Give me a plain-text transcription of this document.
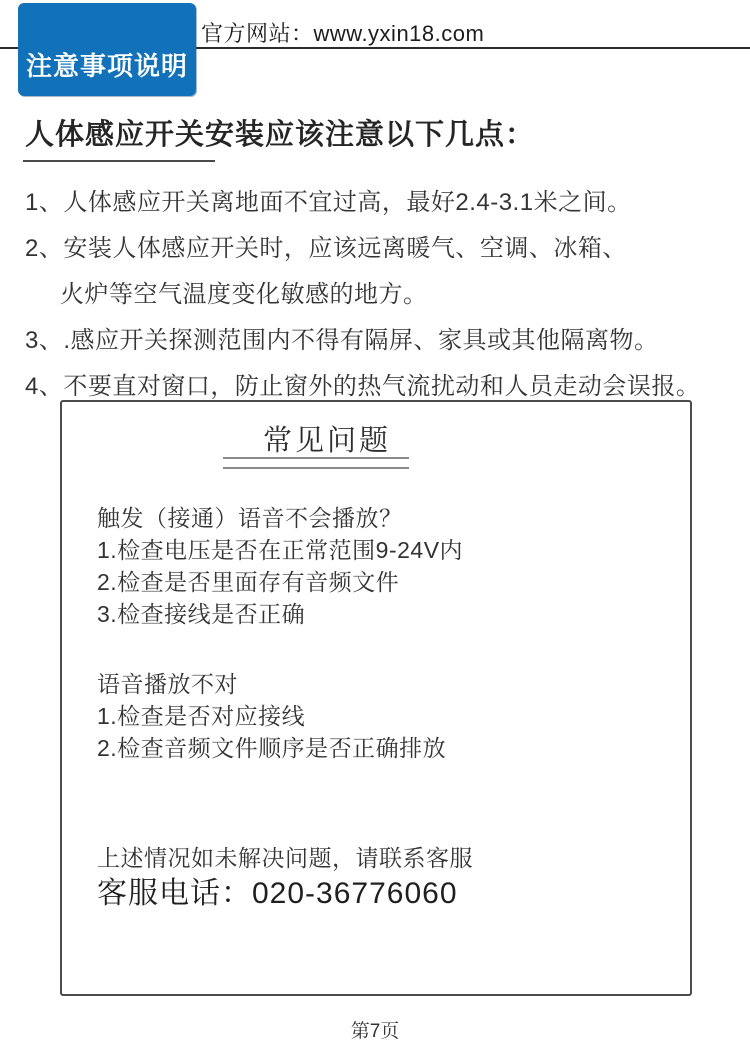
注意事项说明
官方网站：www.yxin18.com
人体感应开关安装应该注意以下几点：
1、人体感应开关离地面不宜过高，最好2.4-3.1米之间。
2、安装人体感应开关时，应该远离暖气、空调、冰箱、
火炉等空气温度变化敏感的地方。
3、.感应开关探测范围内不得有隔屏、家具或其他隔离物。
4、不要直对窗口，防止窗外的热气流扰动和人员走动会误报。
常见问题
触发（接通）语音不会播放？
1.检查电压是否在正常范围9-24V内
2.检查是否里面存有音频文件
3.检查接线是否正确
语音播放不对
1.检查是否对应接线
2.检查音频文件顺序是否正确排放
上述情况如未解决问题，请联系客服
客服电话：020-36776060
第7页
